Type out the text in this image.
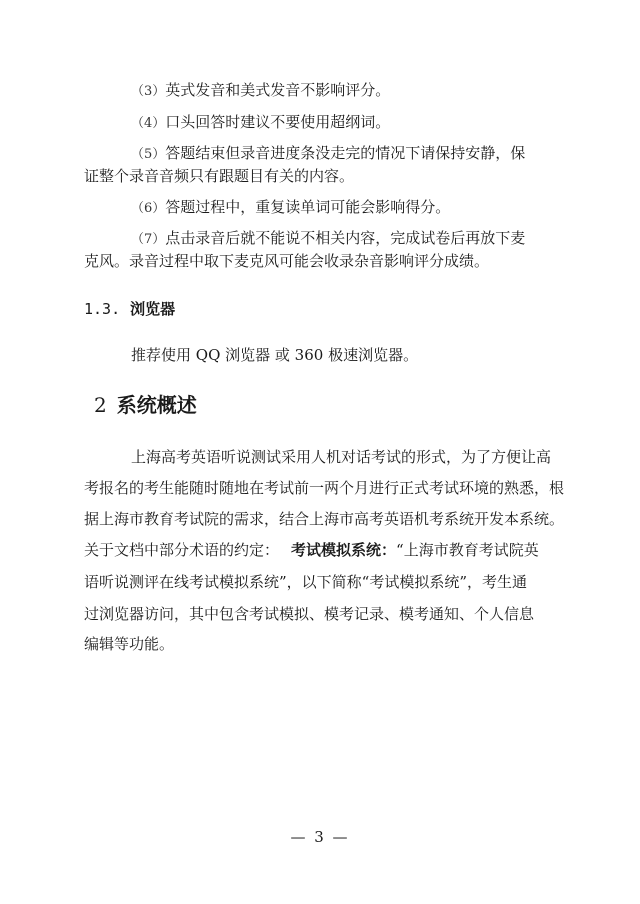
（3）英式发音和美式发音不影响评分。
（4）口头回答时建议不要使用超纲词。
（5）答题结束但录音进度条没走完的情况下请保持安静，保
证整个录音音频只有跟题目有关的内容。
（6）答题过程中，重复读单词可能会影响得分。
（7）点击录音后就不能说不相关内容，完成试卷后再放下麦
克风。录音过程中取下麦克风可能会收录杂音影响评分成绩。
1.3. 浏览器
推荐使用 QQ 浏览器 或 360 极速浏览器。
2 系统概述
上海高考英语听说测试采用人机对话考试的形式，为了方便让高
考报名的考生能随时随地在考试前一两个月进行正式考试环境的熟悉，根
据上海市教育考试院的需求，结合上海市高考英语机考系统开发本系统。
关于文档中部分术语的约定： 考试模拟系统：“上海市教育考试院英
语听说测评在线考试模拟系统”，以下简称“考试模拟系统”，考生通
过浏览器访问，其中包含考试模拟、模考记录、模考通知、个人信息
编辑等功能。
— 3 —
